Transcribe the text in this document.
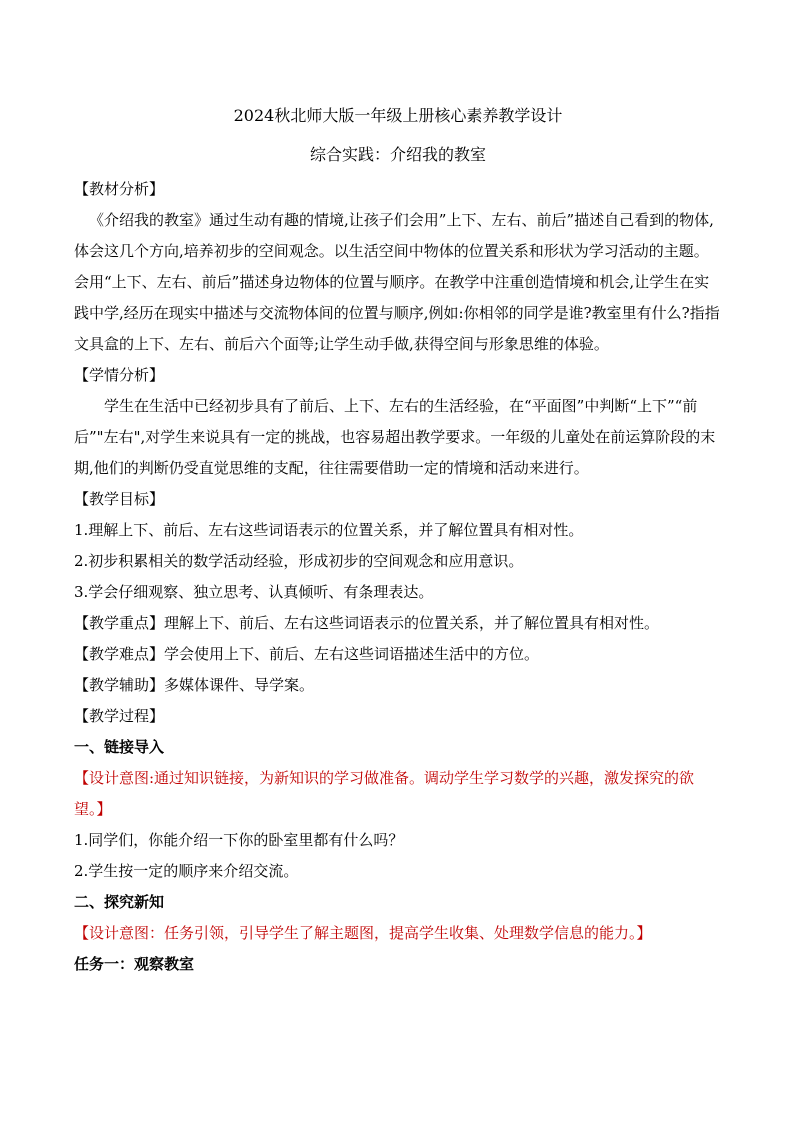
2024秋北师大版一年级上册核心素养教学设计
综合实践：介绍我的教室
【教材分析】

《介绍我的教室》通过生动有趣的情境,让孩子们会用”上下、左右、前后”描述自己看到的物体,体会这几个方向,培养初步的空间观念。以生活空间中物体的位置关系和形状为学习活动的主题。会用“上下、左右、前后”描述身边物体的位置与顺序。在教学中注重创造情境和机会,让学生在实践中学,经历在现实中描述与交流物体间的位置与顺序,例如:你相邻的同学是谁?教室里有什么?指指文具盒的上下、左右、前后六个面等;让学生动手做,获得空间与形象思维的体验。

【学情分析】

学生在生活中已经初步具有了前后、上下、左右的生活经验，在“平面图”中判断“上下”“前后”"左右",对学生来说具有一定的挑战，也容易超出教学要求。一年级的儿童处在前运算阶段的末期,他们的判断仍受直觉思维的支配，往往需要借助一定的情境和活动来进行。

【教学目标】

1.理解上下、前后、左右这些词语表示的位置关系，并了解位置具有相对性。

2.初步积累相关的数学活动经验，形成初步的空间观念和应用意识。

3.学会仔细观察、独立思考、认真倾听、有条理表达。

【教学重点】理解上下、前后、左右这些词语表示的位置关系，并了解位置具有相对性。

【教学难点】学会使用上下、前后、左右这些词语描述生活中的方位。

【教学辅助】多媒体课件、导学案。

【教学过程】
一、链接导入

【设计意图:通过知识链接，为新知识的学习做准备。调动学生学习数学的兴趣，激发探究的欲望。】

1.同学们，你能介绍一下你的卧室里都有什么吗？

2.学生按一定的顺序来介绍交流。

二、探究新知

【设计意图：任务引领，引导学生了解主题图，提高学生收集、处理数学信息的能力。】

任务一：观察教室
